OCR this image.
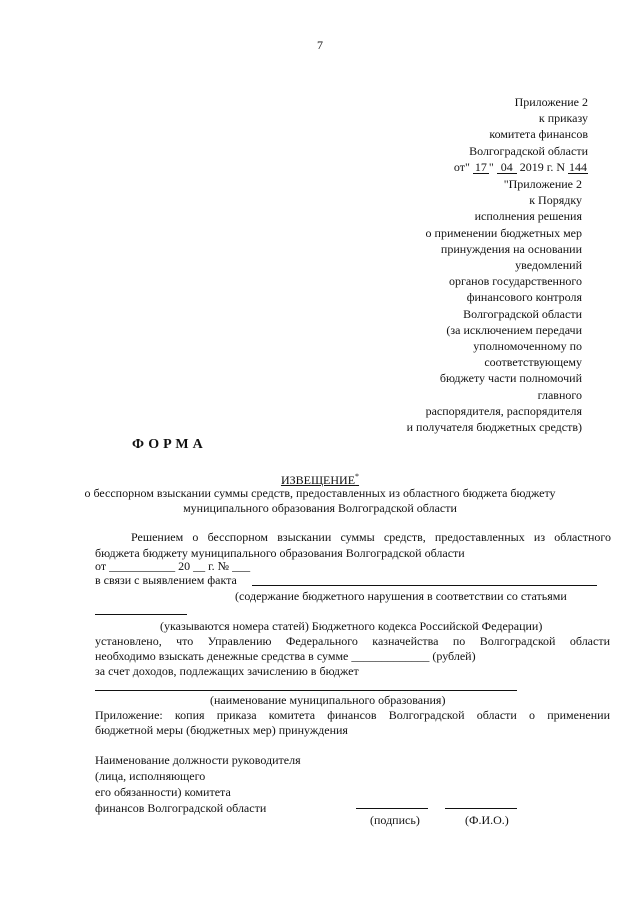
7
Приложение 2
к приказу
комитета финансов
Волгоградской области
от" 17 " 04 2019 г. N 144
"Приложение 2
к Порядку
исполнения решения
о применении бюджетных мер
принуждения на основании
уведомлений
органов государственного
финансового контроля
Волгоградской области
(за исключением передачи
уполномоченному по
соответствующему
бюджету части полномочий
главного
распорядителя, распорядителя
и получателя бюджетных средств)
ФОРМА
ИЗВЕЩЕНИЕ*
о бесспорном взыскании суммы средств, предоставленных из областного бюджета бюджету
муниципального образования Волгоградской области
Решением о бесспорном взыскании суммы средств, предоставленных из областного
бюджета бюджету муниципального образования Волгоградской области
от ___________ 20 __ г. № ___
в связи с выявлением факта
(содержание бюджетного нарушения в соответствии со статьями
(указываются номера статей) Бюджетного кодекса Российской Федерации)
установлено, что Управлению Федерального казначейства по Волгоградской области
необходимо взыскать денежные средства в сумме _____________ (рублей)
за счет доходов, подлежащих зачислению в бюджет
(наименование муниципального образования)
Приложение: копия приказа комитета финансов Волгоградской области о применении
бюджетной меры (бюджетных мер) принуждения
Наименование должности руководителя
(лица, исполняющего
его обязанности) комитета
финансов Волгоградской области
(подпись)	(Ф.И.О.)
